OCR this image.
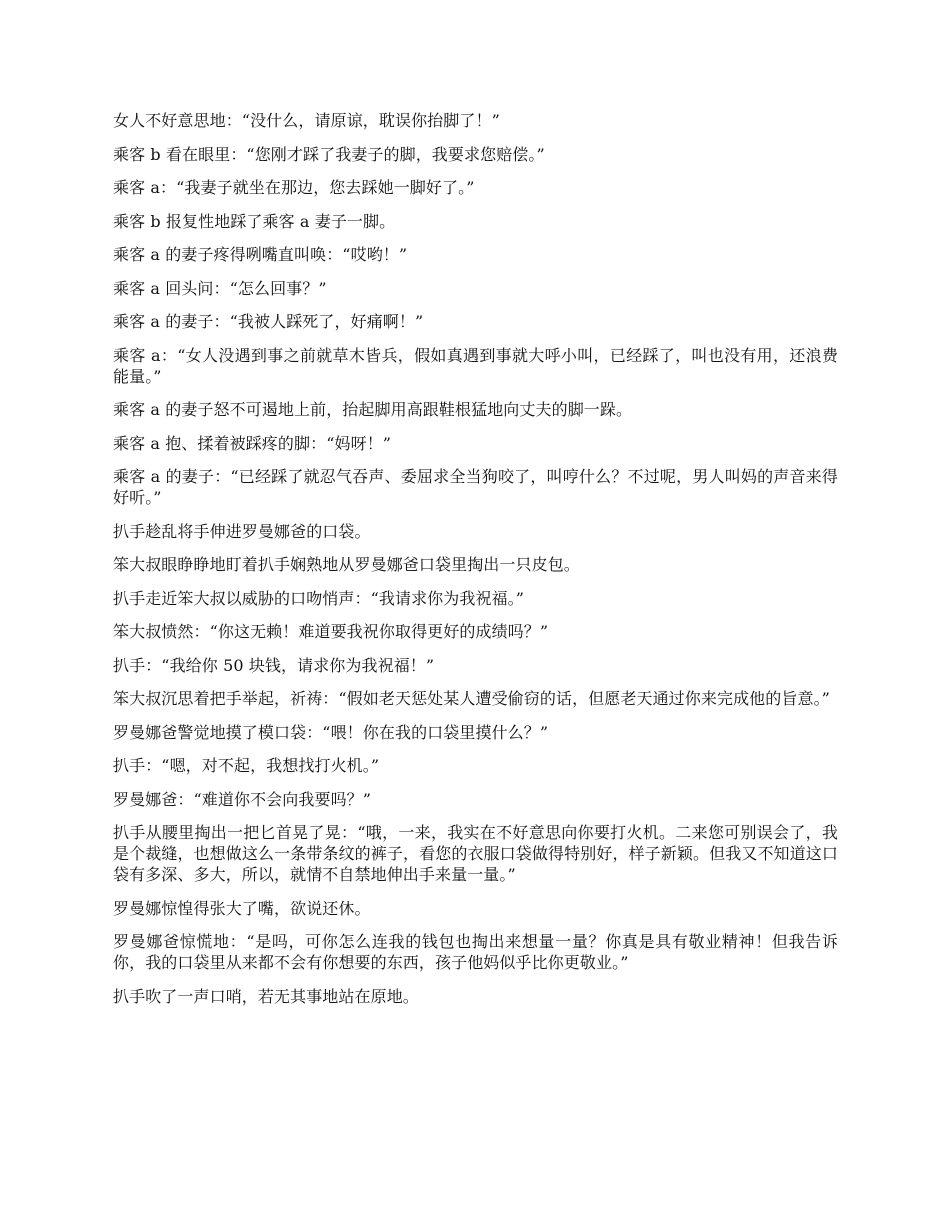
女人不好意思地：“没什么，请原谅，耽误你抬脚了！”

乘客 b 看在眼里：“您刚才踩了我妻子的脚，我要求您赔偿。”

乘客 a：“我妻子就坐在那边，您去踩她一脚好了。”

乘客 b 报复性地踩了乘客 a 妻子一脚。

乘客 a 的妻子疼得咧嘴直叫唤：“哎哟！”

乘客 a 回头问：“怎么回事？”

乘客 a 的妻子：“我被人踩死了，好痛啊！”

乘客 a：“女人没遇到事之前就草木皆兵，假如真遇到事就大呼小叫，已经踩了，叫也没有用，还浪费能量。”

乘客 a 的妻子怒不可遏地上前，抬起脚用高跟鞋根猛地向丈夫的脚一跺。

乘客 a 抱、揉着被踩疼的脚：“妈呀！”

乘客 a 的妻子：“已经踩了就忍气吞声、委屈求全当狗咬了，叫哼什么？不过呢，男人叫妈的声音来得好听。”

扒手趁乱将手伸进罗曼娜爸的口袋。

笨大叔眼睁睁地盯着扒手娴熟地从罗曼娜爸口袋里掏出一只皮包。

扒手走近笨大叔以威胁的口吻悄声：“我请求你为我祝福。”

笨大叔愤然：“你这无赖！难道要我祝你取得更好的成绩吗？”

扒手：“我给你 50 块钱，请求你为我祝福！”

笨大叔沉思着把手举起，祈祷：“假如老天惩处某人遭受偷窃的话，但愿老天通过你来完成他的旨意。”

罗曼娜爸警觉地摸了模口袋：“喂！你在我的口袋里摸什么？”

扒手：“嗯，对不起，我想找打火机。”

罗曼娜爸：“难道你不会向我要吗？”

扒手从腰里掏出一把匕首晃了晃：“哦，一来，我实在不好意思向你要打火机。二来您可别误会了，我是个裁缝，也想做这么一条带条纹的裤子，看您的衣服口袋做得特别好，样子新颖。但我又不知道这口袋有多深、多大，所以，就情不自禁地伸出手来量一量。”

罗曼娜惊惶得张大了嘴，欲说还休。

罗曼娜爸惊慌地：“是吗，可你怎么连我的钱包也掏出来想量一量？你真是具有敬业精神！但我告诉你，我的口袋里从来都不会有你想要的东西，孩子他妈似乎比你更敬业。”

扒手吹了一声口哨，若无其事地站在原地。
